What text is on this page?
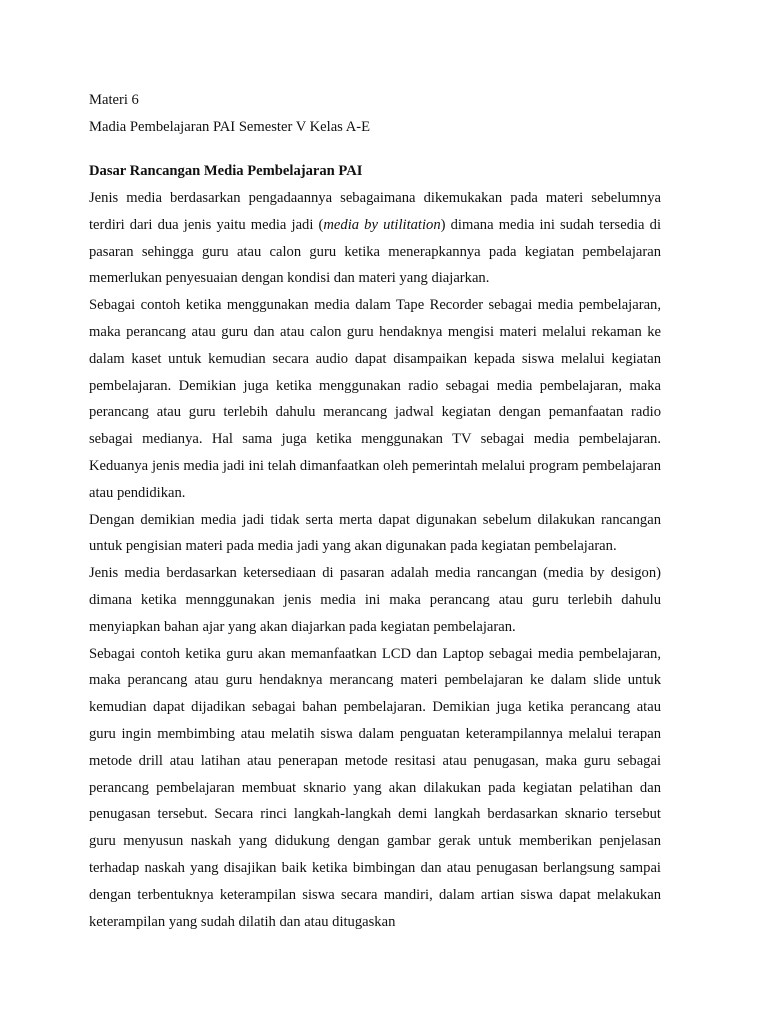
Materi 6

Madia Pembelajaran PAI Semester V Kelas A-E

Dasar Rancangan Media Pembelajaran PAI

Jenis media berdasarkan pengadaannya sebagaimana dikemukakan pada materi sebelumnya terdiri dari dua jenis yaitu media jadi (media by utilitation) dimana media ini sudah tersedia di pasaran sehingga guru atau calon guru ketika menerapkannya pada kegiatan pembelajaran memerlukan penyesuaian dengan kondisi dan materi yang diajarkan.

Sebagai contoh ketika menggunakan media dalam Tape Recorder sebagai media pembelajaran, maka perancang atau guru dan atau calon guru hendaknya mengisi materi melalui rekaman ke dalam kaset untuk kemudian secara audio dapat disampaikan kepada siswa melalui kegiatan pembelajaran. Demikian juga ketika menggunakan radio sebagai media pembelajaran, maka perancang atau guru terlebih dahulu merancang jadwal kegiatan dengan pemanfaatan radio sebagai medianya. Hal sama juga ketika menggunakan TV sebagai media pembelajaran. Keduanya jenis media jadi ini telah dimanfaatkan oleh pemerintah melalui program pembelajaran atau pendidikan.

Dengan demikian media jadi tidak serta merta dapat digunakan sebelum dilakukan rancangan untuk pengisian materi pada media jadi yang akan digunakan pada kegiatan pembelajaran.

Jenis media berdasarkan ketersediaan di pasaran adalah media rancangan (media by desigon) dimana ketika mennggunakan jenis media ini maka perancang atau guru terlebih dahulu menyiapkan bahan ajar yang akan diajarkan pada kegiatan pembelajaran.

Sebagai contoh ketika guru akan memanfaatkan LCD dan Laptop sebagai media pembelajaran, maka perancang atau guru hendaknya merancang materi pembelajaran ke dalam slide untuk kemudian dapat dijadikan sebagai bahan pembelajaran. Demikian juga ketika perancang atau guru ingin membimbing atau melatih siswa dalam penguatan keterampilannya melalui terapan metode drill atau latihan atau penerapan metode resitasi atau penugasan, maka guru sebagai perancang pembelajaran membuat sknario yang akan dilakukan pada kegiatan pelatihan dan penugasan tersebut. Secara rinci langkah-langkah demi langkah berdasarkan sknario tersebut guru menyusun naskah yang didukung dengan gambar gerak untuk memberikan penjelasan terhadap naskah yang disajikan baik ketika bimbingan dan atau penugasan berlangsung sampai dengan terbentuknya keterampilan siswa secara mandiri, dalam artian siswa dapat melakukan keterampilan yang sudah dilatih dan atau ditugaskan
